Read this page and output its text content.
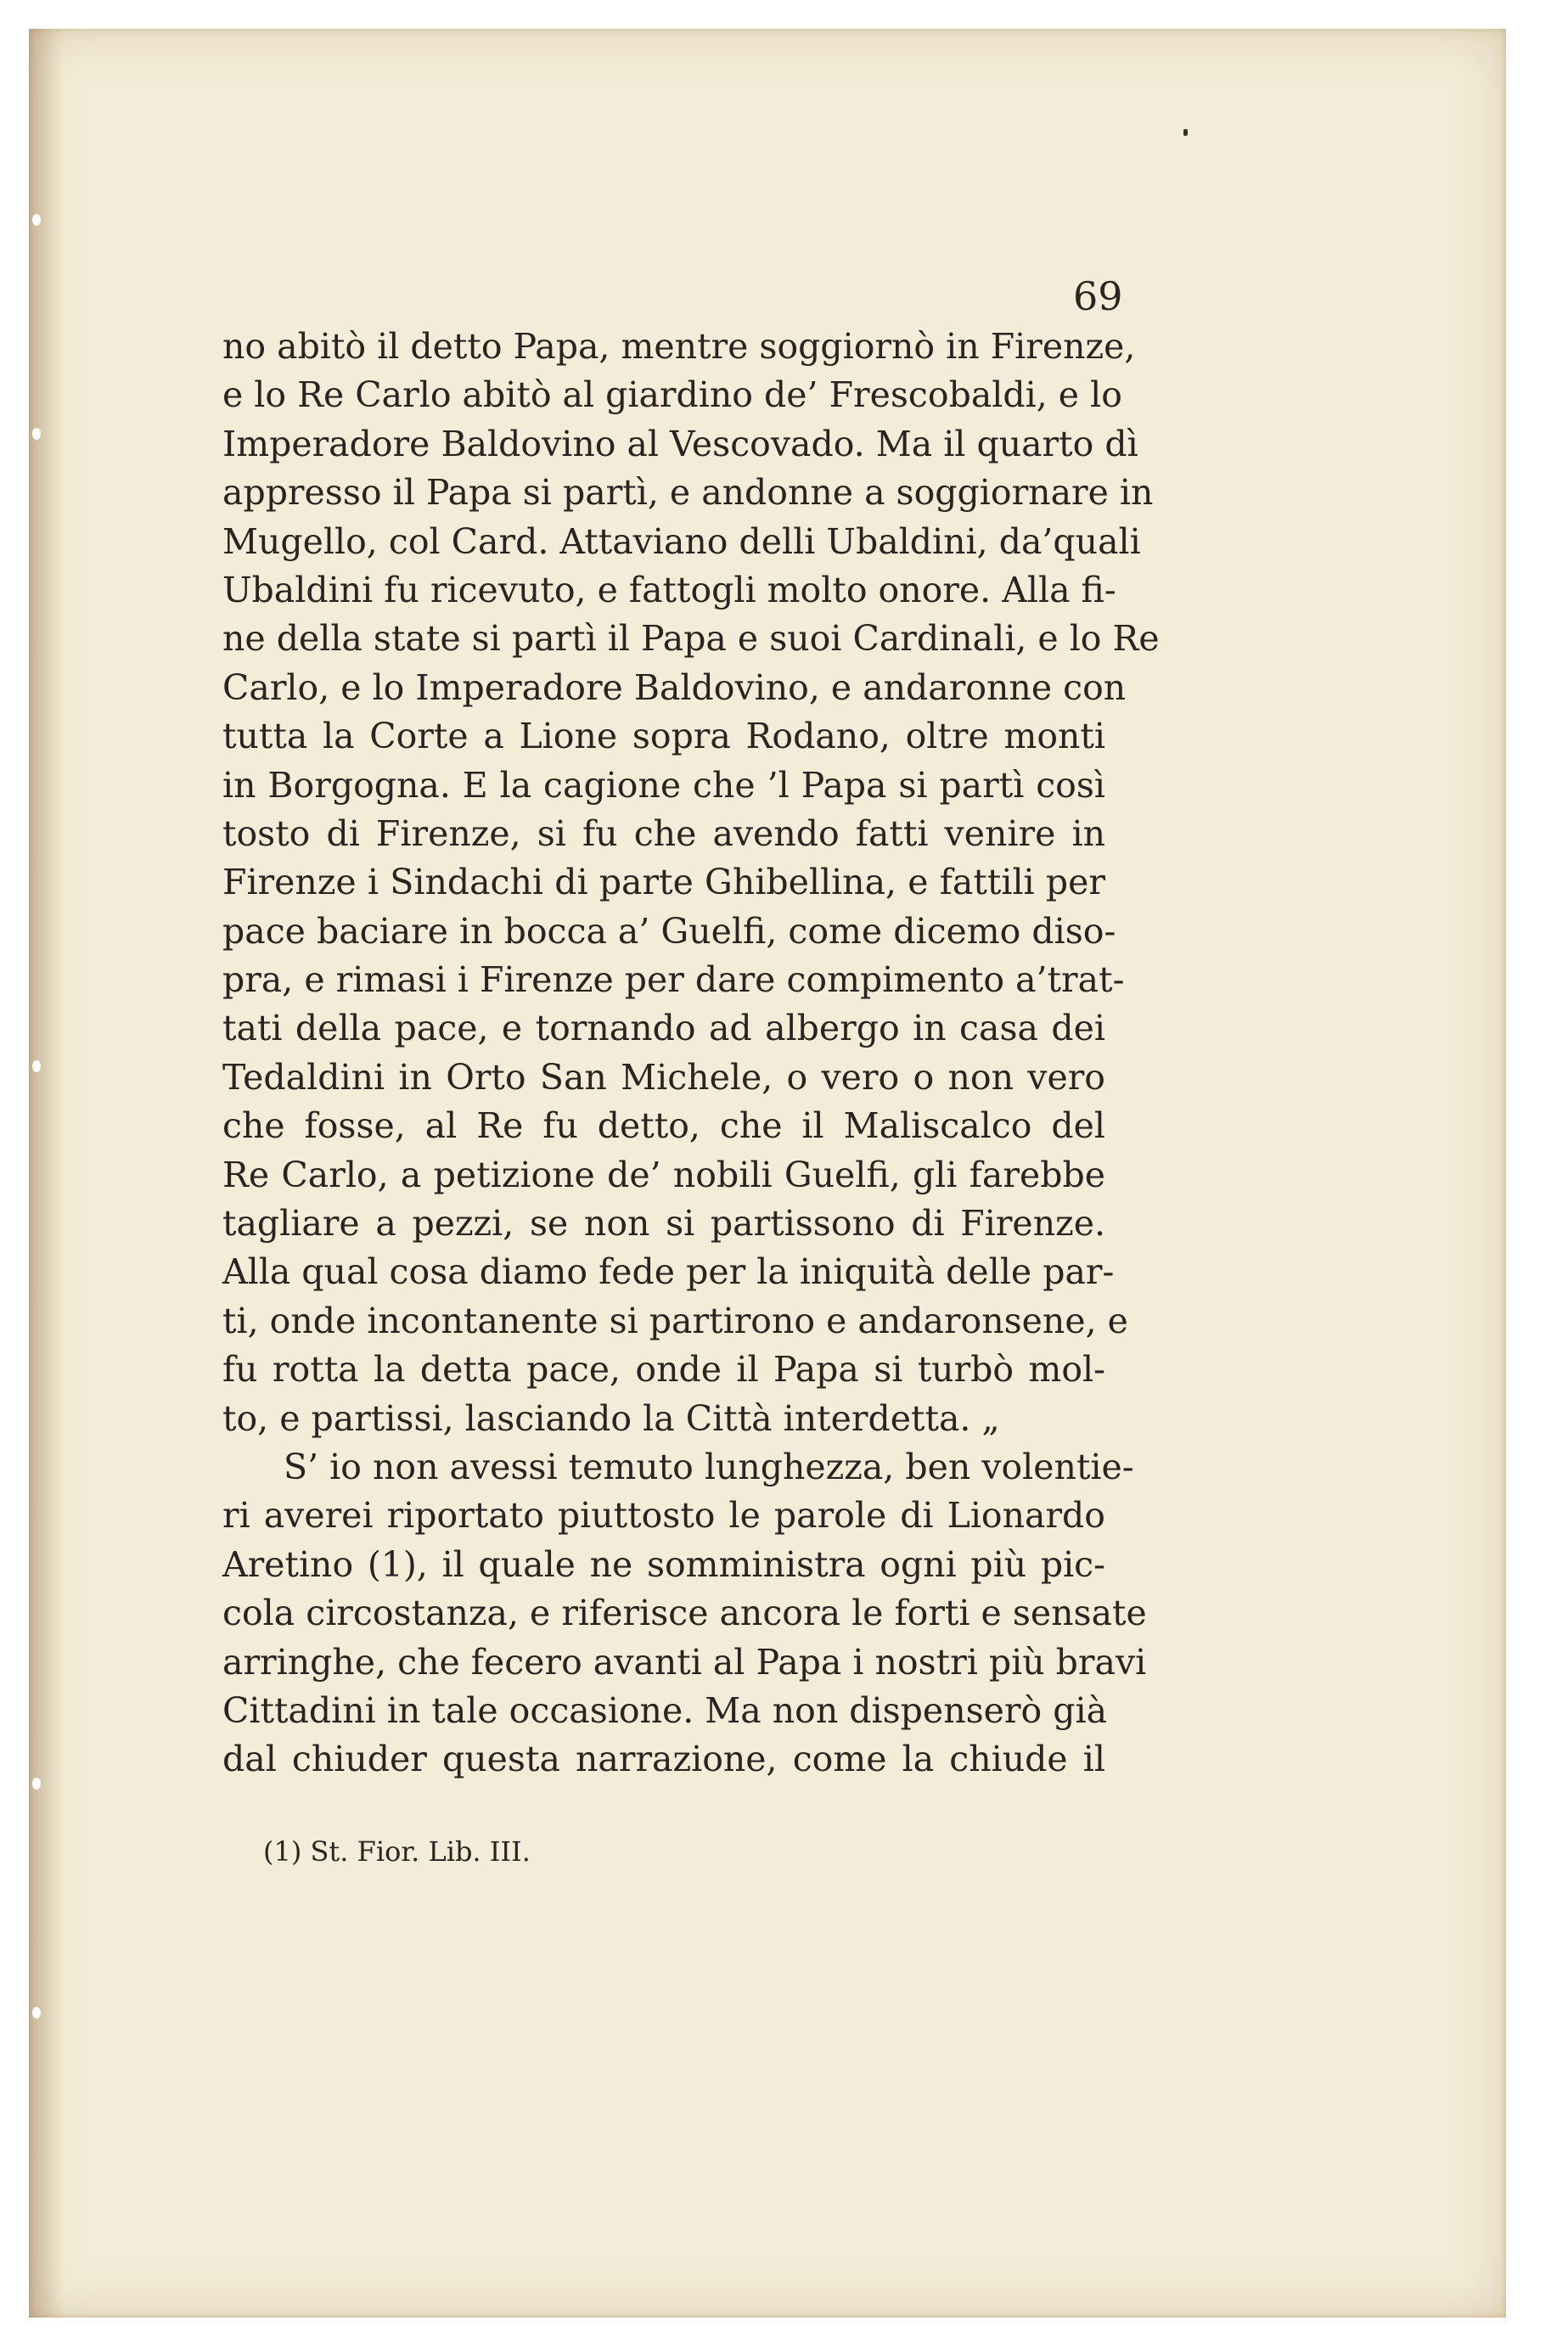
69
no abitò il detto Papa, mentre soggiornò in Firenze,
e lo Re Carlo abitò al giardino de’ Frescobaldi, e lo
Imperadore Baldovino al Vescovado. Ma il quarto dì
appresso il Papa si partì, e andonne a soggiornare in
Mugello, col Card. Attaviano delli Ubaldini, da’quali
Ubaldini fu ricevuto, e fattogli molto onore. Alla fi-
ne della state si partì il Papa e suoi Cardinali, e lo Re
Carlo, e lo Imperadore Baldovino, e andaronne con
tutta la Corte a Lione sopra Rodano, oltre monti
in Borgogna. E la cagione che ’l Papa si partì così
tosto di Firenze, si fu che avendo fatti venire in
Firenze i Sindachi di parte Ghibellina, e fattili per
pace baciare in bocca a’ Guelfi, come dicemo diso-
pra, e rimasi i Firenze per dare compimento a’trat-
tati della pace, e tornando ad albergo in casa dei
Tedaldini in Orto San Michele, o vero o non vero
che fosse, al Re fu detto, che il Maliscalco del
Re Carlo, a petizione de’ nobili Guelfi, gli farebbe
tagliare a pezzi, se non si partissono di Firenze.
Alla qual cosa diamo fede per la iniquità delle par-
ti, onde incontanente si partirono e andaronsene, e
fu rotta la detta pace, onde il Papa si turbò mol-
to, e partissi, lasciando la Città interdetta. „
S’ io non avessi temuto lunghezza, ben volentie-
ri averei riportato piuttosto le parole di Lionardo
Aretino (1), il quale ne somministra ogni più pic-
cola circostanza, e riferisce ancora le forti e sensate
arringhe, che fecero avanti al Papa i nostri più bravi
Cittadini in tale occasione. Ma non dispenserò già
dal chiuder questa narrazione, come la chiude il
(1) St. Fior. Lib. III.
